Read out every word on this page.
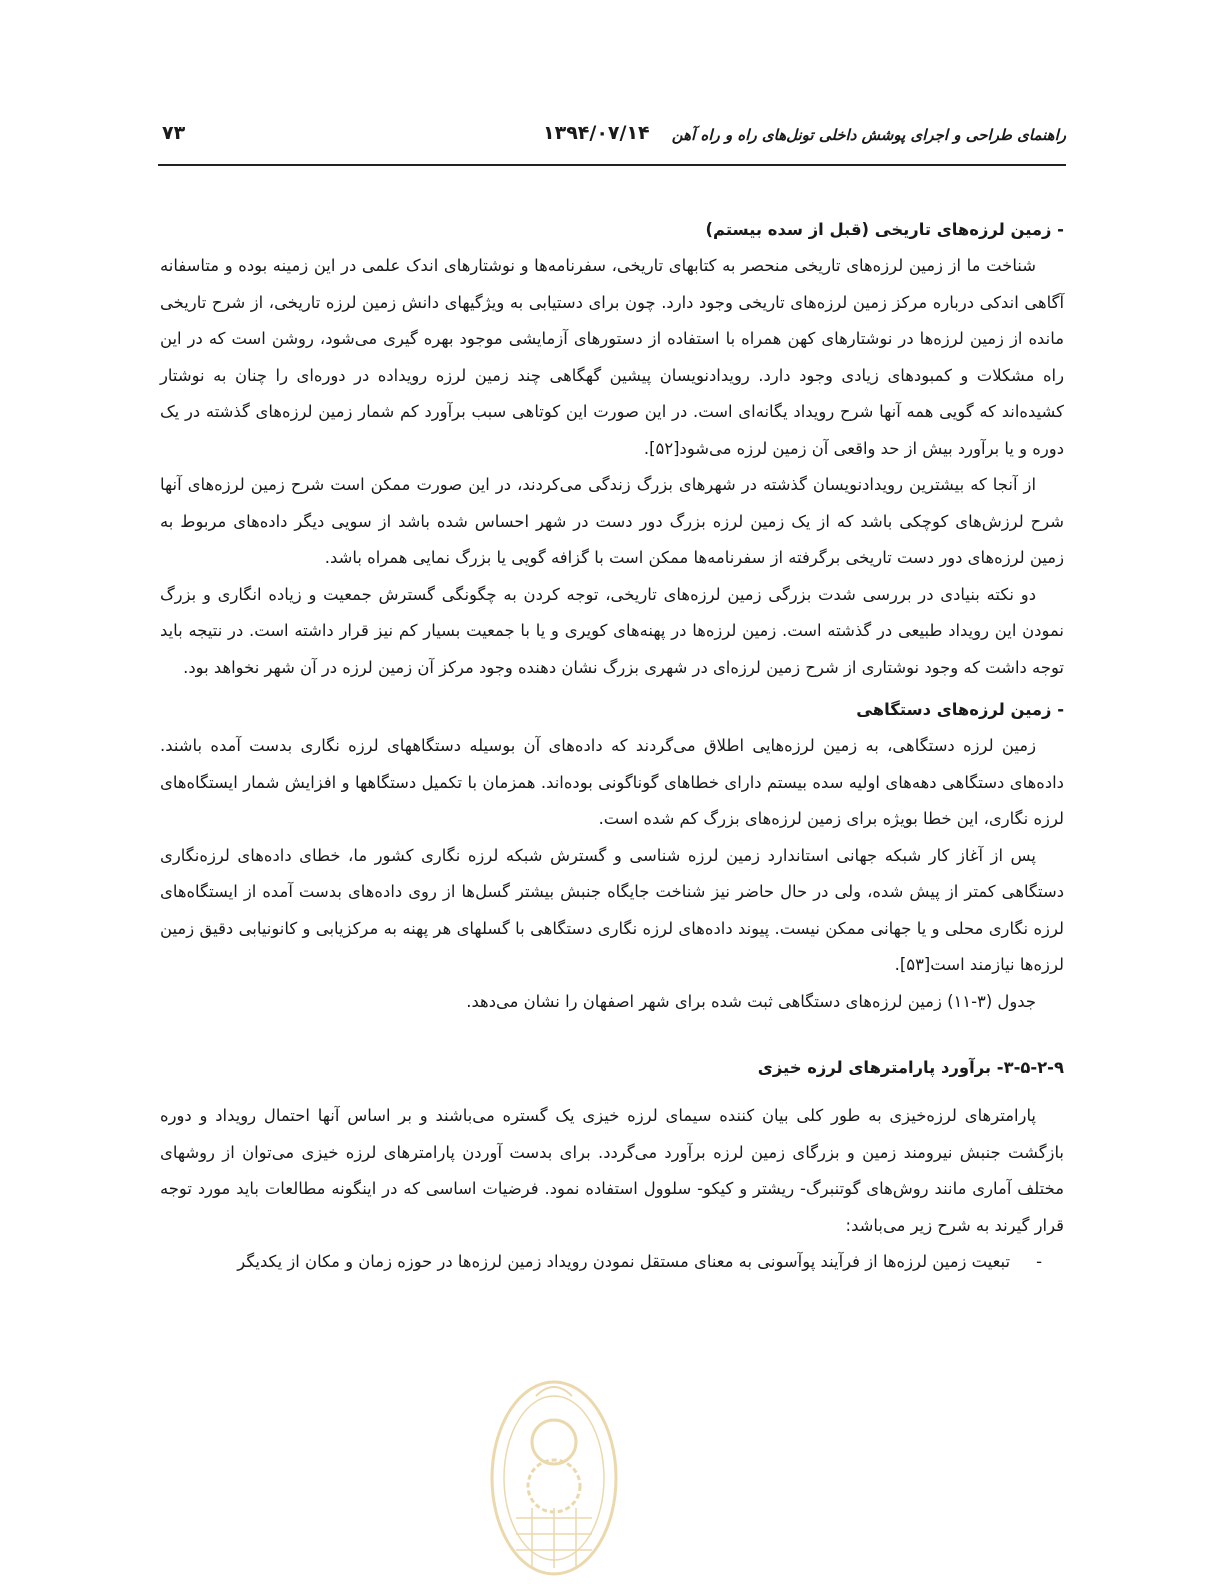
راهنمای طراحی و اجرای پوشش داخلی تونل‌های راه و راه آهن
۱۳۹۴/۰۷/۱۴
۷۳
- زمین لرزه‌های تاریخی (قبل از سده بیستم)

شناخت ما از زمین لرزه‌های تاریخی منحصر به کتابهای تاریخی، سفرنامه‌ها و نوشتارهای اندک علمی در این زمینه بوده و متاسفانه آگاهی اندکی درباره مرکز زمین لرزه‌های تاریخی وجود دارد. چون برای دستیابی به ویژگیهای دانش زمین لرزه تاریخی، از شرح تاریخی مانده از زمین لرزه‌ها در نوشتارهای کهن همراه با استفاده از دستورهای آزمایشی موجود بهره گیری می‌شود، روشن است که در این راه مشکلات و کمبودهای زیادی وجود دارد. رویدادنویسان پیشین گهگاهی چند زمین لرزه رویداده در دوره‌ای را چنان به نوشتار کشیده‌اند که گویی همه آنها شرح رویداد یگانه‌ای است. در این صورت این کوتاهی سبب برآورد کم شمار زمین لرزه‌های گذشته در یک دوره و یا برآورد بیش از حد واقعی آن زمین لرزه می‌شود[۵۲].

از آنجا که بیشترین رویدادنویسان گذشته در شهرهای بزرگ زندگی می‌کردند، در این صورت ممکن است شرح زمین لرزه‌های آنها شرح لرزش‌های کوچکی باشد که از یک زمین لرزه بزرگ دور دست در شهر احساس شده باشد از سویی دیگر داده‌های مربوط به زمین لرزه‌های دور دست تاریخی برگرفته از سفرنامه‌ها ممکن است با گزافه گویی یا بزرگ نمایی همراه باشد.

دو نکته بنیادی در بررسی شدت بزرگی زمین لرزه‌های تاریخی، توجه کردن به چگونگی گسترش جمعیت و زیاده انگاری و بزرگ نمودن این رویداد طبیعی در گذشته است. زمین لرزه‌ها در پهنه‌های کویری و یا با جمعیت بسیار کم نیز قرار داشته است. در نتیجه باید توجه داشت که وجود نوشتاری از شرح زمین لرزه‌ای در شهری بزرگ نشان دهنده وجود مرکز آن زمین لرزه در آن شهر نخواهد بود.

- زمین لرزه‌های دستگاهی

زمین لرزه دستگاهی، به زمین لرزه‌هایی اطلاق می‌گردند که داده‌های آن بوسیله دستگاههای لرزه نگاری بدست آمده باشند. داده‌های دستگاهی دهه‌های اولیه سده بیستم دارای خطاهای گوناگونی بوده‌اند. همزمان با تکمیل دستگاهها و افزایش شمار ایستگاه‌های لرزه نگاری، این خطا بویژه برای زمین لرزه‌های بزرگ کم شده است.

پس از آغاز کار شبکه جهانی استاندارد زمین لرزه شناسی و گسترش شبکه لرزه نگاری کشور ما، خطای داده‌های لرزه‌نگاری دستگاهی کمتر از پیش شده، ولی در حال حاضر نیز شناخت جایگاه جنبش بیشتر گسل‌ها از روی داده‌های بدست آمده از ایستگاه‌های لرزه نگاری محلی و یا جهانی ممکن نیست. پیوند داده‌های لرزه نگاری دستگاهی با گسلهای هر پهنه به مرکزیابی و کانونیابی دقیق زمین لرزه‌ها نیازمند است[۵۳].

جدول (۳-۱۱) زمین لرزه‌های دستگاهی ثبت شده برای شهر اصفهان را نشان می‌دهد.

۳-۵-۲-۹- برآورد پارامترهای لرزه خیزی

پارامترهای لرزه‌خیزی به طور کلی بیان کننده سیمای لرزه خیزی یک گستره می‌باشند و بر اساس آنها احتمال رویداد و دوره بازگشت جنبش نیرومند زمین و بزرگای زمین لرزه برآورد می‌گردد. برای بدست آوردن پارامترهای لرزه خیزی می‌توان از روشهای مختلف آماری مانند روش‌های گوتنبرگ- ریشتر و کیکو- سلوول استفاده نمود. فرضیات اساسی که در اینگونه مطالعات باید مورد توجه قرار گیرند به شرح زیر می‌باشد:

-
تبعیت زمین لرزه‌ها از فرآیند پوآسونی به معنای مستقل نمودن رویداد زمین لرزه‌ها در حوزه زمان و مکان از یکدیگر
